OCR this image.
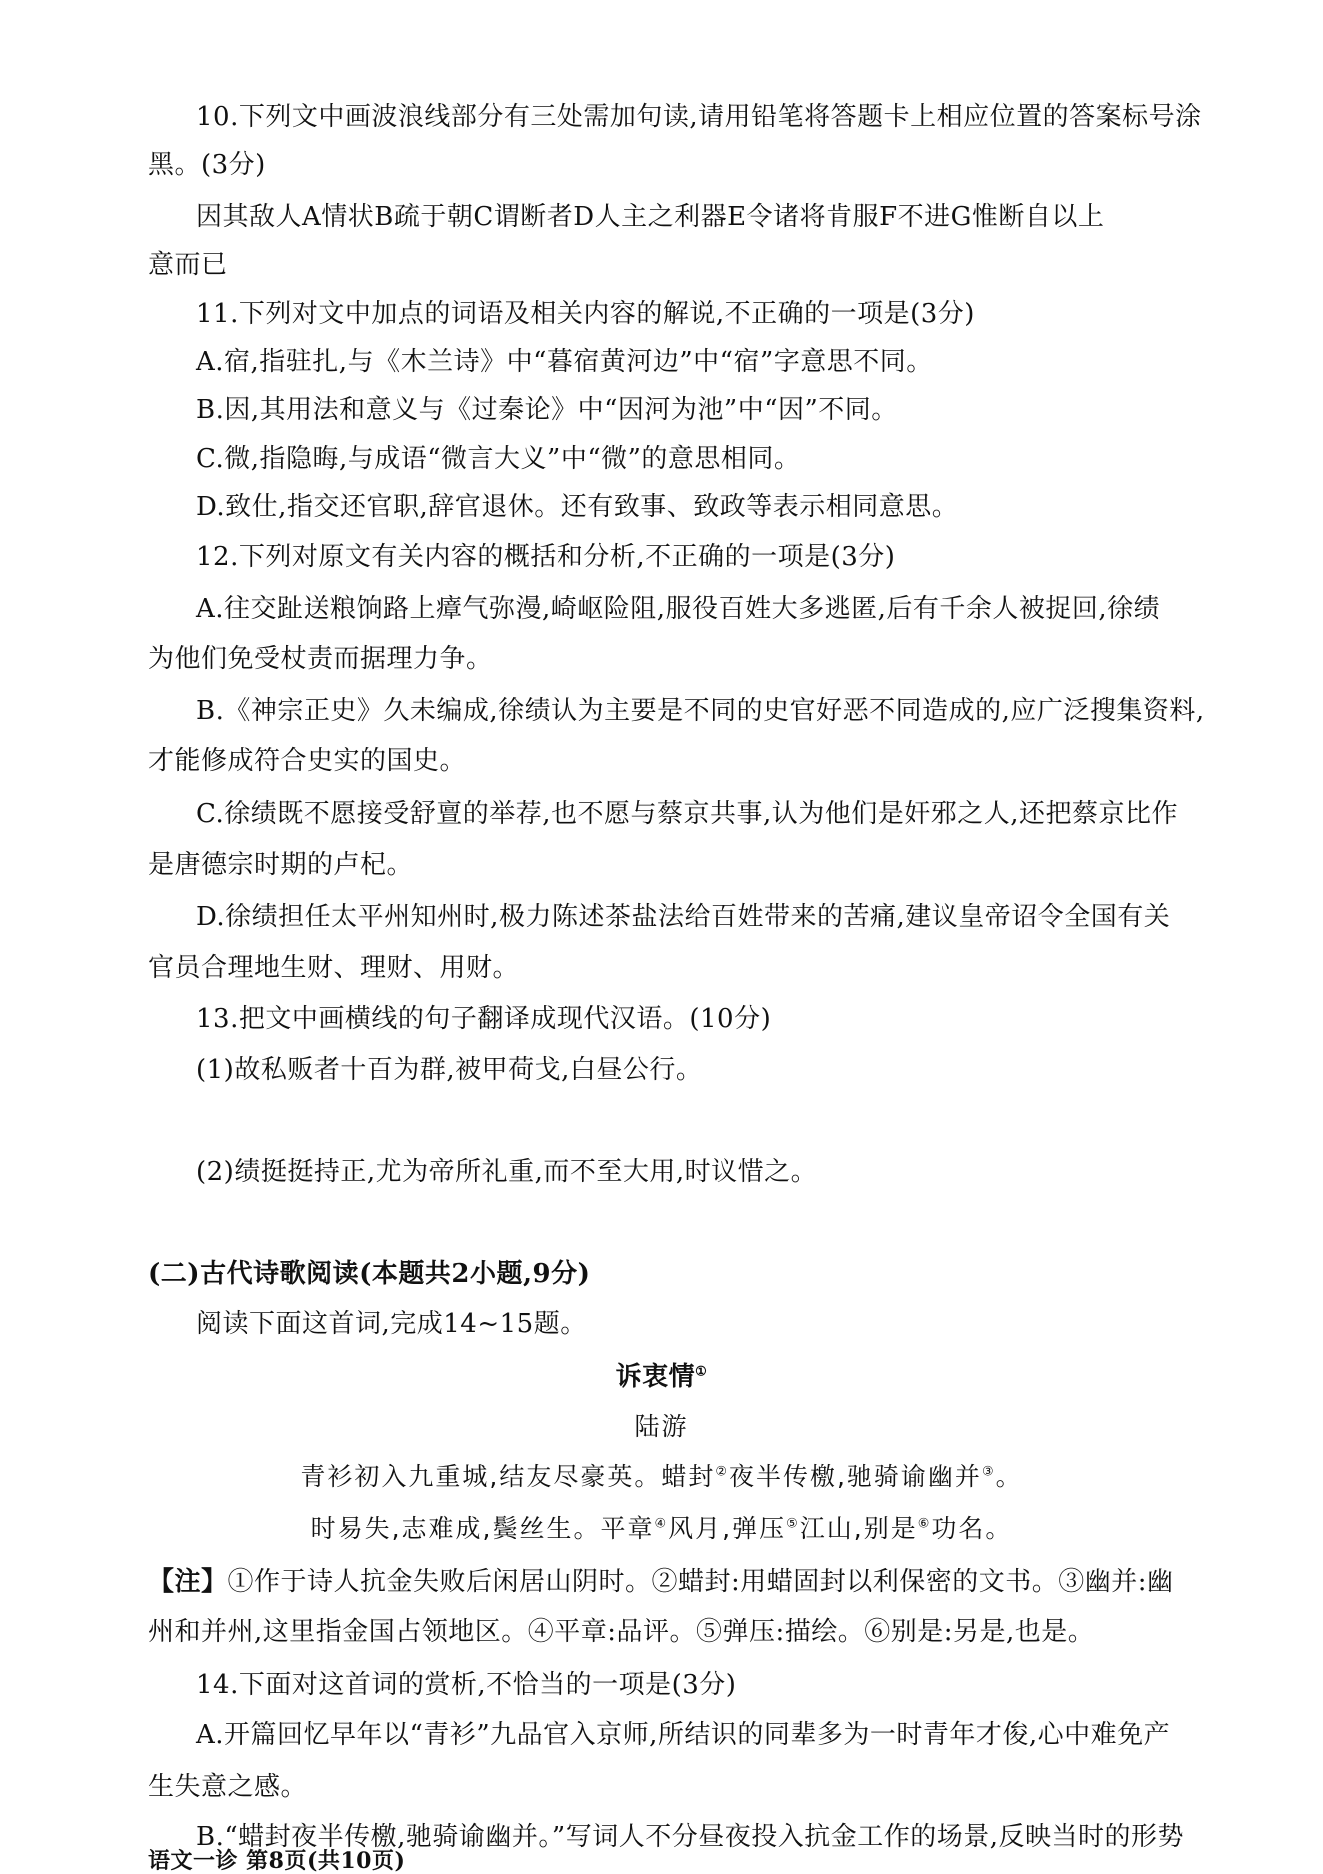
10.下列文中画波浪线部分有三处需加句读,请用铅笔将答题卡上相应位置的答案标号涂
黑。(3分)
因其敌人A情状B疏于朝C谓断者D人主之利器E令诸将肯服F不进G惟断自以上
意而已
11.下列对文中加点的词语及相关内容的解说,不正确的一项是(3分)
A.宿,指驻扎,与《木兰诗》中“暮宿黄河边”中“宿”字意思不同。
B.因,其用法和意义与《过秦论》中“因河为池”中“因”不同。
C.微,指隐晦,与成语“微言大义”中“微”的意思相同。
D.致仕,指交还官职,辞官退休。还有致事、致政等表示相同意思。
12.下列对原文有关内容的概括和分析,不正确的一项是(3分)
A.往交趾送粮饷路上瘴气弥漫,崎岖险阻,服役百姓大多逃匿,后有千余人被捉回,徐绩
为他们免受杖责而据理力争。
B.《神宗正史》久未编成,徐绩认为主要是不同的史官好恶不同造成的,应广泛搜集资料,
才能修成符合史实的国史。
C.徐绩既不愿接受舒亶的举荐,也不愿与蔡京共事,认为他们是奸邪之人,还把蔡京比作
是唐德宗时期的卢杞。
D.徐绩担任太平州知州时,极力陈述茶盐法给百姓带来的苦痛,建议皇帝诏令全国有关
官员合理地生财、理财、用财。
13.把文中画横线的句子翻译成现代汉语。(10分)
(1)故私贩者十百为群,被甲荷戈,白昼公行。
(2)绩挺挺持正,尤为帝所礼重,而不至大用,时议惜之。
(二)古代诗歌阅读(本题共2小题,9分)
阅读下面这首词,完成14~15题。
诉衷情①
陆游
青衫初入九重城,结友尽豪英。蜡封②夜半传檄,驰骑谕幽并③。
时易失,志难成,鬓丝生。平章④风月,弹压⑤江山,别是⑥功名。
【注】①作于诗人抗金失败后闲居山阴时。②蜡封:用蜡固封以利保密的文书。③幽并:幽
州和并州,这里指金国占领地区。④平章:品评。⑤弹压:描绘。⑥别是:另是,也是。
14.下面对这首词的赏析,不恰当的一项是(3分)
A.开篇回忆早年以“青衫”九品官入京师,所结识的同辈多为一时青年才俊,心中难免产
生失意之感。
B.“蜡封夜半传檄,驰骑谕幽并。”写词人不分昼夜投入抗金工作的场景,反映当时的形势
语文一诊 第8页(共10页)
